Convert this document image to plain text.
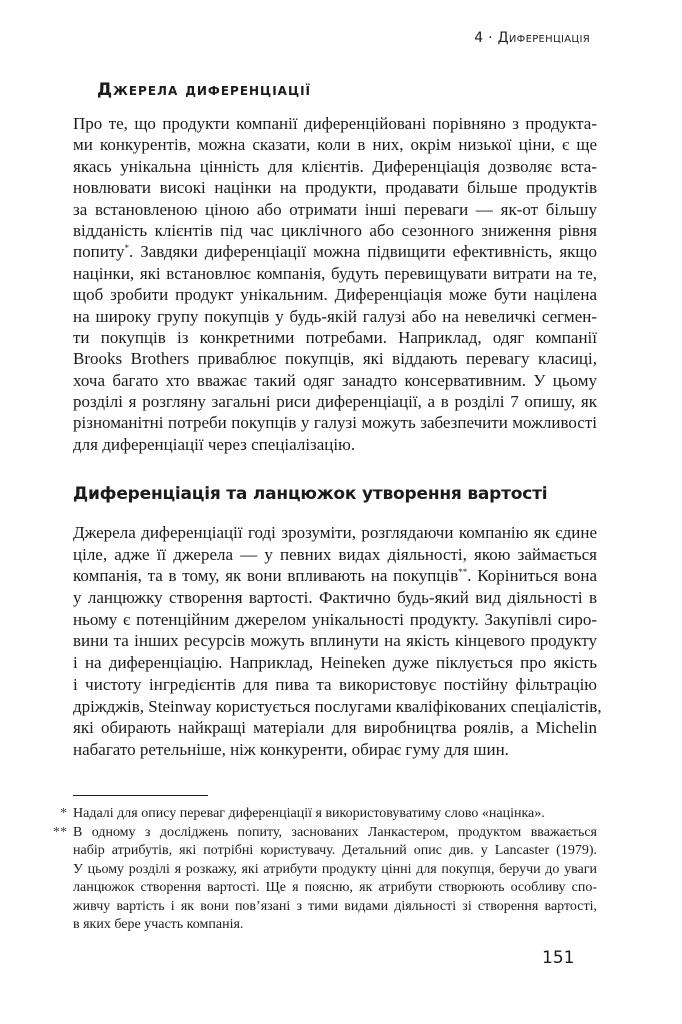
4 · Диференціація
Джерела диференціації
Про те, що продукти компанії диференційовані порівняно з продукта-
ми конкурентів, можна сказати, коли в них, окрім низької ціни, є ще
якась унікальна цінність для клієнтів. Диференціація дозволяє вста-
новлювати високі націнки на продукти, продавати більше продуктів
за встановленою ціною або отримати інші переваги — як-от більшу
відданість клієнтів під час циклічного або сезонного зниження рівня
попиту*. Завдяки диференціації можна підвищити ефективність, якщо
націнки, які встановлює компанія, будуть перевищувати витрати на те,
щоб зробити продукт унікальним. Диференціація може бути націлена
на широку групу покупців у будь-якій галузі або на невеличкі сегмен-
ти покупців із конкретними потребами. Наприклад, одяг компанії
Brooks Brothers приваблює покупців, які віддають перевагу класиці,
хоча багато хто вважає такий одяг занадто консервативним. У цьому
розділі я розгляну загальні риси диференціації, а в розділі 7 опишу, як
різноманітні потреби покупців у галузі можуть забезпечити можливості
для диференціації через спеціалізацію.
Диференціація та ланцюжок утворення вартості
Джерела диференціації годі зрозуміти, розглядаючи компанію як єдине
ціле, адже її джерела — у певних видах діяльності, якою займається
компанія, та в тому, як вони впливають на покупців**. Коріниться вона
у ланцюжку створення вартості. Фактично будь-який вид діяльності в
ньому є потенційним джерелом унікальності продукту. Закупівлі сиро-
вини та інших ресурсів можуть вплинути на якість кінцевого продукту
і на диференціацію. Наприклад, Heineken дуже піклується про якість
і чистоту інгредієнтів для пива та використовує постійну фільтрацію
дріжджів, Steinway користується послугами кваліфікованих спеціалістів,
які обирають найкращі матеріали для виробництва роялів, а Michelin
набагато ретельніше, ніж конкуренти, обирає гуму для шин.
* Надалі для опису переваг диференціації я використовуватиму слово «націнка».
** В одному з досліджень попиту, заснованих Ланкастером, продуктом вважається
набір атрибутів, які потрібні користувачу. Детальний опис див. у Lancaster (1979).
У цьому розділі я розкажу, які атрибути продукту цінні для покупця, беручи до уваги
ланцюжок створення вартості. Ще я поясню, як атрибути створюють особливу спо-
живчу вартість і як вони пов’язані з тими видами діяльності зі створення вартості,
в яких бере участь компанія.
151
